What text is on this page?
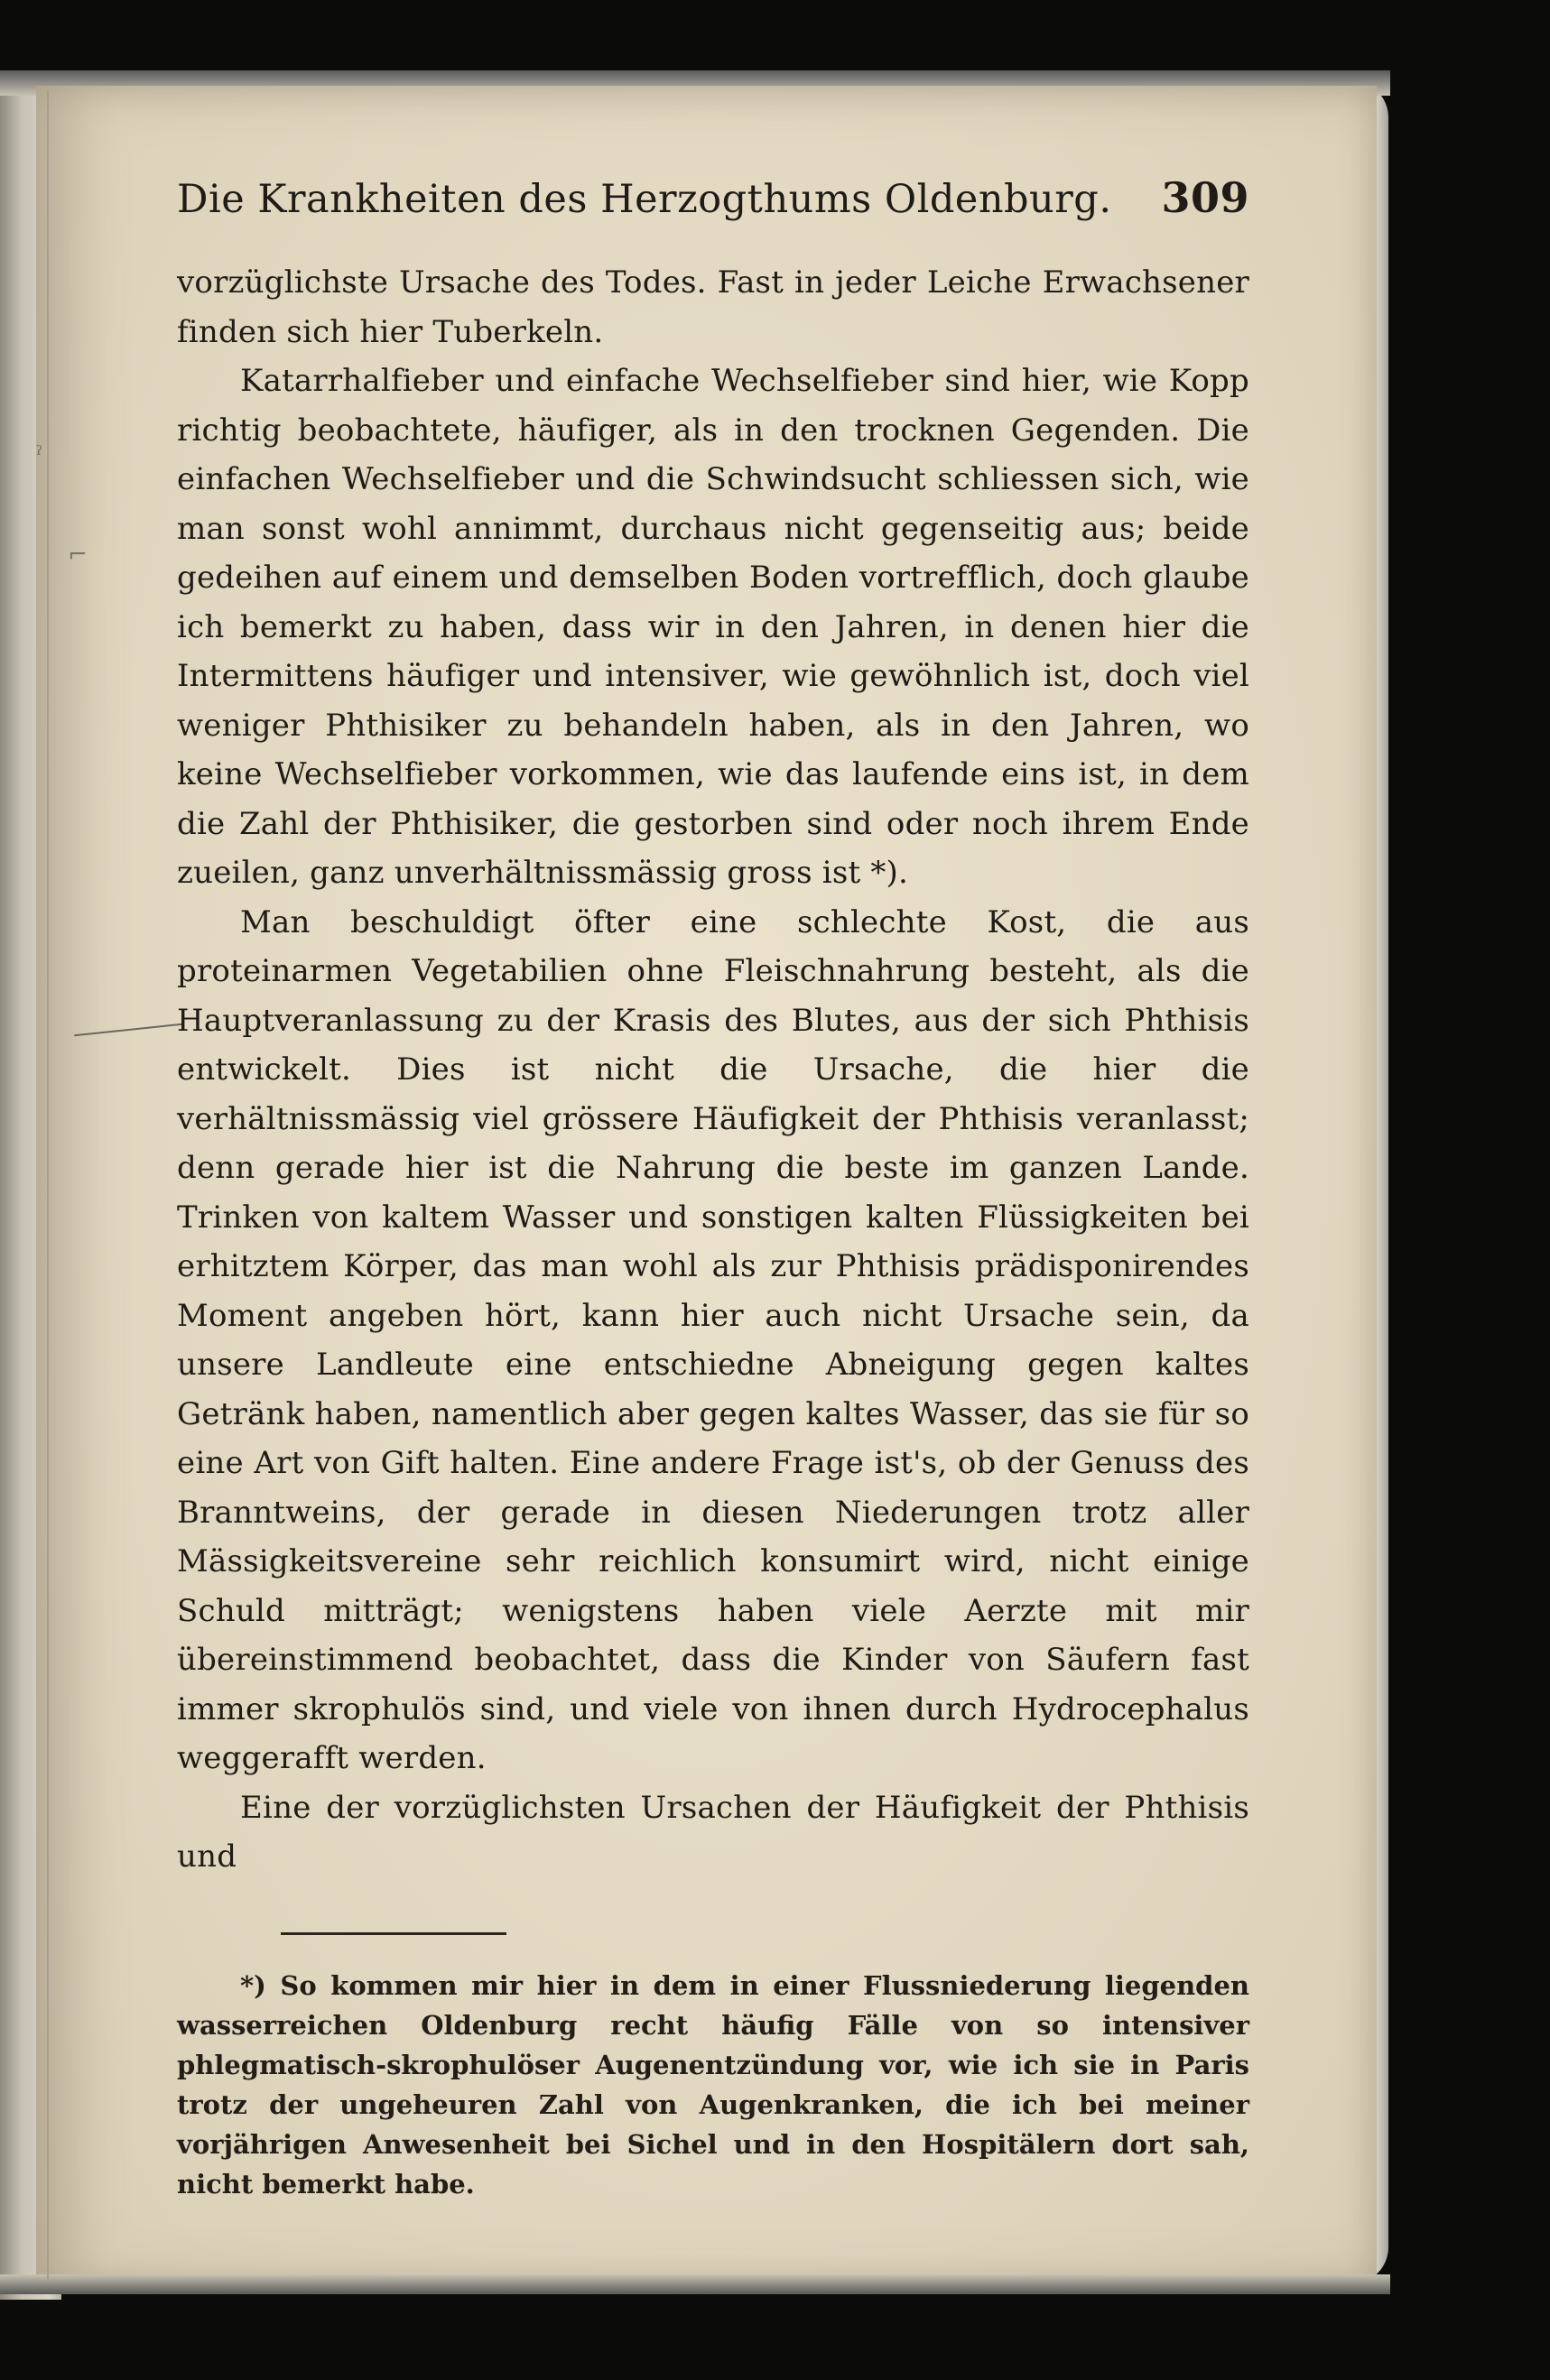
ˀ
⌐
Die Krankheiten des Herzogthums Oldenburg. 309

vorzüglichste Ursache des Todes. Fast in jeder Leiche Erwachsener finden sich hier Tuberkeln.

Katarrhalfieber und einfache Wechselfieber sind hier, wie Kopp richtig beobachtete, häufiger, als in den trocknen Gegenden. Die einfachen Wechselfieber und die Schwindsucht schliessen sich, wie man sonst wohl annimmt, durchaus nicht gegenseitig aus; beide gedeihen auf einem und demselben Boden vortrefflich, doch glaube ich bemerkt zu haben, dass wir in den Jahren, in denen hier die Intermittens häufiger und intensiver, wie gewöhnlich ist, doch viel weniger Phthisiker zu behandeln haben, als in den Jahren, wo keine Wechselfieber vorkommen, wie das laufende eins ist, in dem die Zahl der Phthisiker, die gestorben sind oder noch ihrem Ende zueilen, ganz unverhältnissmässig gross ist *).

Man beschuldigt öfter eine schlechte Kost, die aus proteinarmen Vegetabilien ohne Fleischnahrung besteht, als die Hauptveranlassung zu der Krasis des Blutes, aus der sich Phthisis entwickelt. Dies ist nicht die Ursache, die hier die verhältnissmässig viel grössere Häufigkeit der Phthisis veranlasst; denn gerade hier ist die Nahrung die beste im ganzen Lande. Trinken von kaltem Wasser und sonstigen kalten Flüssigkeiten bei erhitztem Körper, das man wohl als zur Phthisis prädisponirendes Moment angeben hört, kann hier auch nicht Ursache sein, da unsere Landleute eine entschiedne Abneigung gegen kaltes Getränk haben, namentlich aber gegen kaltes Wasser, das sie für so eine Art von Gift halten. Eine andere Frage ist's, ob der Genuss des Branntweins, der gerade in diesen Niederungen trotz aller Mässigkeitsvereine sehr reichlich konsumirt wird, nicht einige Schuld mitträgt; wenigstens haben viele Aerzte mit mir übereinstimmend beobachtet, dass die Kinder von Säufern fast immer skrophulös sind, und viele von ihnen durch Hydrocephalus weggerafft werden.

Eine der vorzüglichsten Ursachen der Häufigkeit der Phthisis und

*) So kommen mir hier in dem in einer Flussniederung liegenden wasserreichen Oldenburg recht häufig Fälle von so intensiver phlegmatisch-skrophulöser Augenentzündung vor, wie ich sie in Paris trotz der ungeheuren Zahl von Augenkranken, die ich bei meiner vorjährigen Anwesenheit bei Sichel und in den Hospitälern dort sah, nicht bemerkt habe.
